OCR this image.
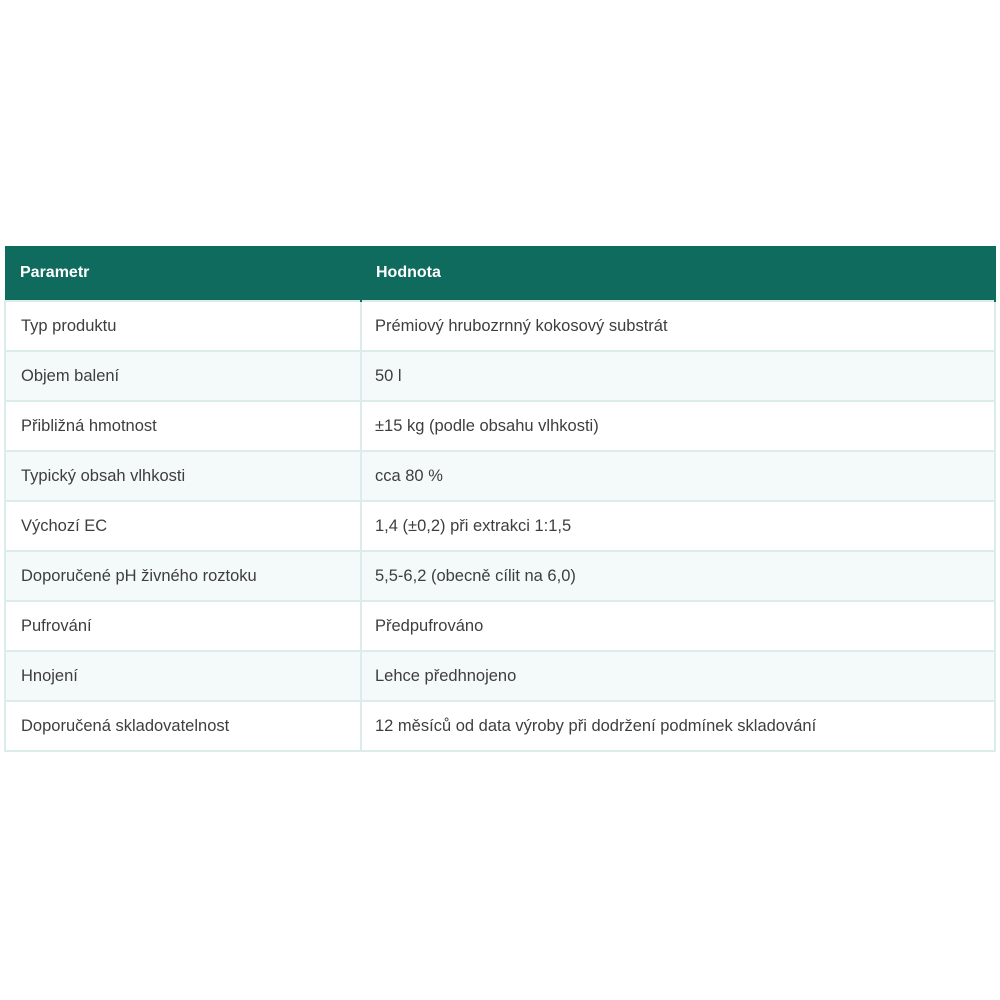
Parametr	Hodnota
Typ produktu	Prémiový hrubozrnný kokosový substrát
Objem balení	50 l
Přibližná hmotnost	±15 kg (podle obsahu vlhkosti)
Typický obsah vlhkosti	cca 80 %
Výchozí EC	1,4 (±0,2) při extrakci 1:1,5
Doporučené pH živného roztoku	5,5-6,2 (obecně cílit na 6,0)
Pufrování	Předpufrováno
Hnojení	Lehce předhnojeno
Doporučená skladovatelnost	12 měsíců od data výroby při dodržení podmínek skladování
